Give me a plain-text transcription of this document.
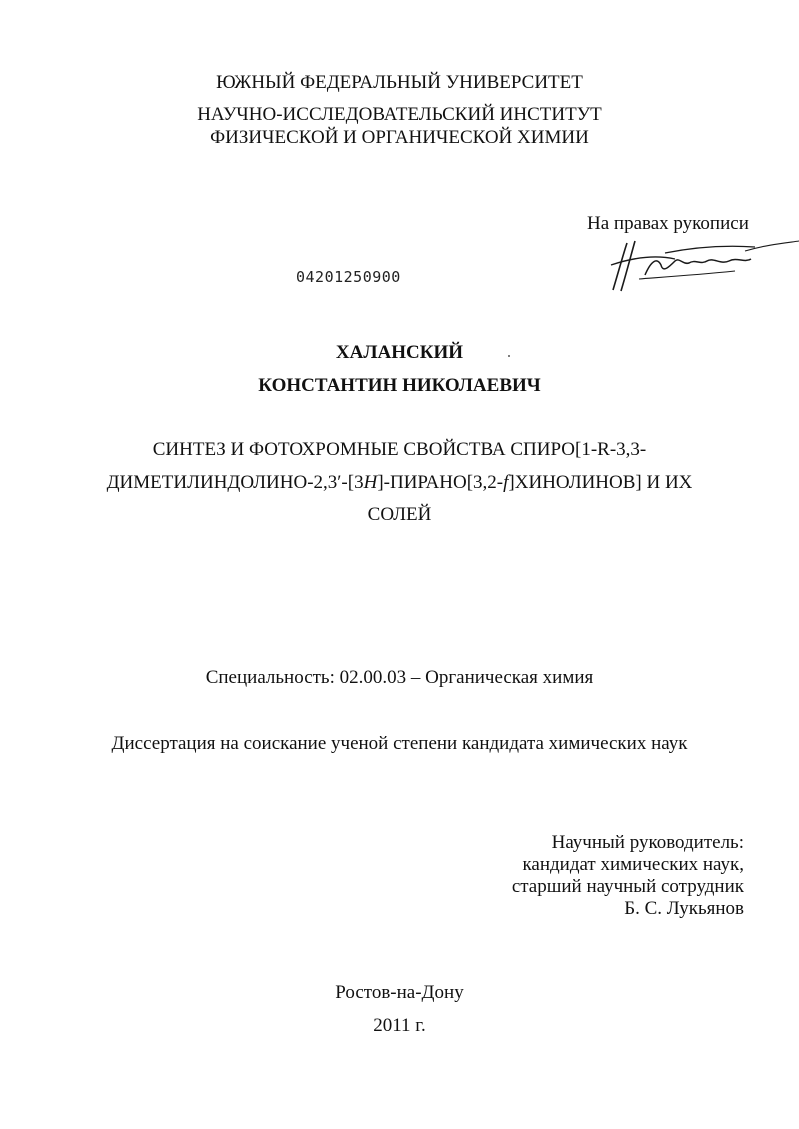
ЮЖНЫЙ ФЕДЕРАЛЬНЫЙ УНИВЕРСИТЕТ
НАУЧНО-ИССЛЕДОВАТЕЛЬСКИЙ ИНСТИТУТ
ФИЗИЧЕСКОЙ И ОРГАНИЧЕСКОЙ ХИМИИ
На правах рукописи
04201250900
ХАЛАНСКИЙ
КОНСТАНТИН НИКОЛАЕВИЧ
СИНТЕЗ И ФОТОХРОМНЫЕ СВОЙСТВА СПИРО[1-R-3,3-
ДИМЕТИЛИНДОЛИНО-2,3′-[3H]-ПИРАНО[3,2-f]ХИНОЛИНОВ] И ИХ
СОЛЕЙ
Специальность: 02.00.03 – Органическая химия
Диссертация на соискание ученой степени кандидата химических наук
Научный руководитель:
кандидат химических наук,
старший научный сотрудник
Б. С. Лукьянов
Ростов-на-Дону
2011 г.
